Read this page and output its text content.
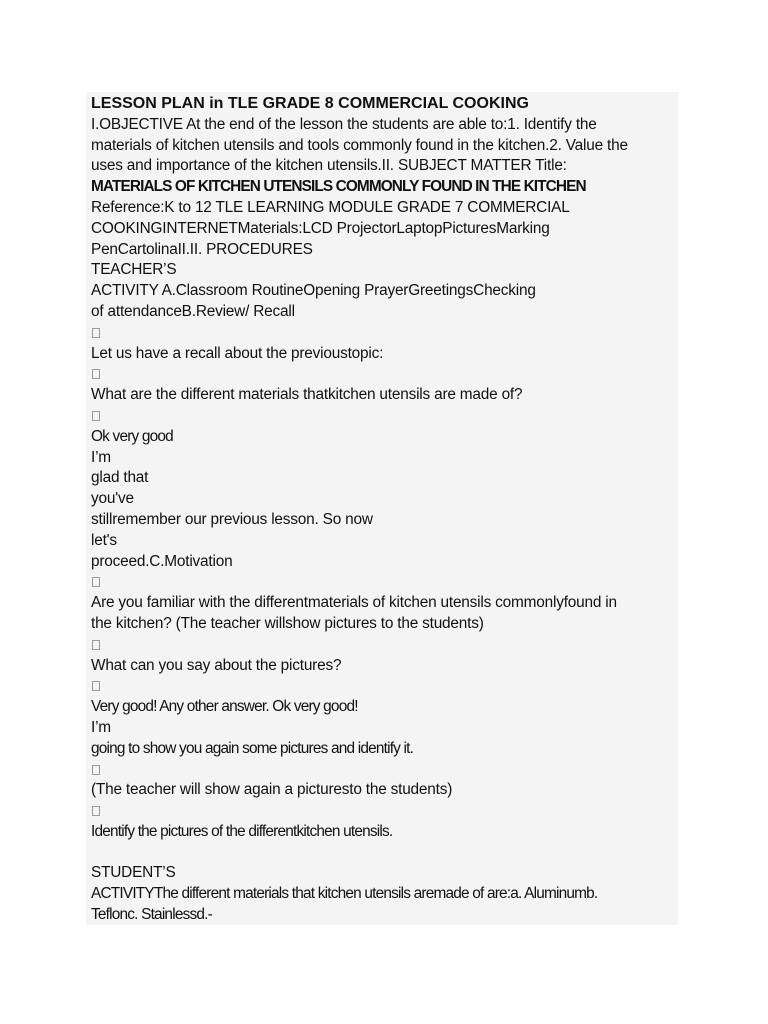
LESSON PLAN in TLE GRADE 8 COMMERCIAL COOKING
I.OBJECTIVE At the end of the lesson the students are able to:1. Identify the
materials of kitchen utensils and tools commonly found in the kitchen.2. Value the
uses and importance of the kitchen utensils.II. SUBJECT MATTER Title:
MATERIALS OF KITCHEN UTENSILS COMMONLY FOUND IN THE KITCHEN
Reference:K to 12 TLE LEARNING MODULE GRADE 7 COMMERCIAL
COOKINGINTERNETMaterials:LCD ProjectorLaptopPicturesMarking
PenCartolinaII.II. PROCEDURES
TEACHER’S
ACTIVITY A.Classroom RoutineOpening PrayerGreetingsChecking
of attendanceB.Review/ Recall
Let us have a recall about the previoustopic:
What are the different materials thatkitchen utensils are made of?
Ok very good
I’m
glad that
you've
stillremember our previous lesson. So now
let's
proceed.C.Motivation
Are you familiar with the differentmaterials of kitchen utensils commonlyfound in
the kitchen? (The teacher willshow pictures to the students)
What can you say about the pictures?
Very good! Any other answer. Ok very good!
I’m
going to show you again some pictures and identify it.
(The teacher will show again a picturesto the students)
Identify the pictures of the differentkitchen utensils.
STUDENT’S
ACTIVITYThe different materials that kitchen utensils aremade of are:a. Aluminumb.
Teflonc. Stainlessd.-
